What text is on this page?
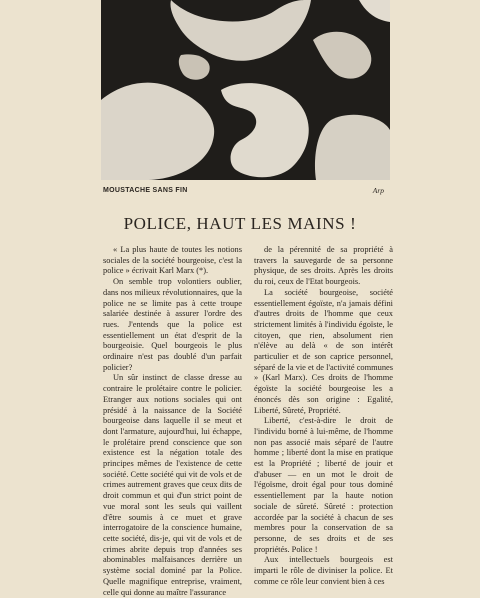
MOUSTACHE SANS FIN	Arp
POLICE, HAUT LES MAINS !

« La plus haute de toutes les notions sociales de la société bourgeoise, c'est la police » écrivait Karl Marx (*).

On semble trop volontiers oublier, dans nos milieux révolutionnaires, que la police ne se limite pas à cette troupe salariée destinée à assurer l'ordre des rues. J'entends que la police est essentiellement un état d'esprit de la bourgeoisie. Quel bourgeois le plus ordinaire n'est pas doublé d'un parfait policier?

Un sûr instinct de classe dresse au contraire le prolétaire contre le policier. Etranger aux notions sociales qui ont présidé à la naissance de la Société bourgeoise dans laquelle il se meut et dont l'armature, aujourd'hui, lui échappe, le prolétaire prend conscience que son existence est la négation totale des principes mêmes de l'existence de cette société. Cette société qui vit de vols et de crimes autrement graves que ceux dits de droit commun et qui d'un strict point de vue moral sont les seuls qui vaillent d'être soumis à ce muet et grave interrogatoire de la conscience humaine, cette société, dis-je, qui vit de vols et de crimes abrite depuis trop d'années ses abominables malfaisances derrière un système social dominé par la Police. Quelle magnifique entreprise, vraiment, celle qui donne au maître l'assurance

de la pérennité de sa propriété à travers la sauvegarde de sa personne physique, de ses droits. Après les droits du roi, ceux de l'Etat bourgeois.

La société bourgeoise, société essentiellement égoïste, n'a jamais défini d'autres droits de l'homme que ceux strictement limités à l'individu égoïste, le citoyen, que rien, absolument rien n'élève au delà « de son intérêt particulier et de son caprice personnel, séparé de la vie et de l'activité communes » (Karl Marx). Ces droits de l'homme égoïste la société bourgeoise les a énoncés dès son origine : Egalité, Liberté, Sûreté, Propriété.

Liberté, c'est-à-dire le droit de l'individu borné à lui-même, de l'homme non pas associé mais séparé de l'autre homme ; liberté dont la mise en pratique est la Propriété ; liberté de jouir et d'abuser — en un mot le droit de l'égoïsme, droit égal pour tous dominé essentiellement par la haute notion sociale de sûreté. Sûreté : protection accordée par la société à chacun de ses membres pour la conservation de sa personne, de ses droits et de ses propriétés. Police !

Aux intellectuels bourgeois est imparti le rôle de diviniser la police. Et comme ce rôle leur convient bien à ces
